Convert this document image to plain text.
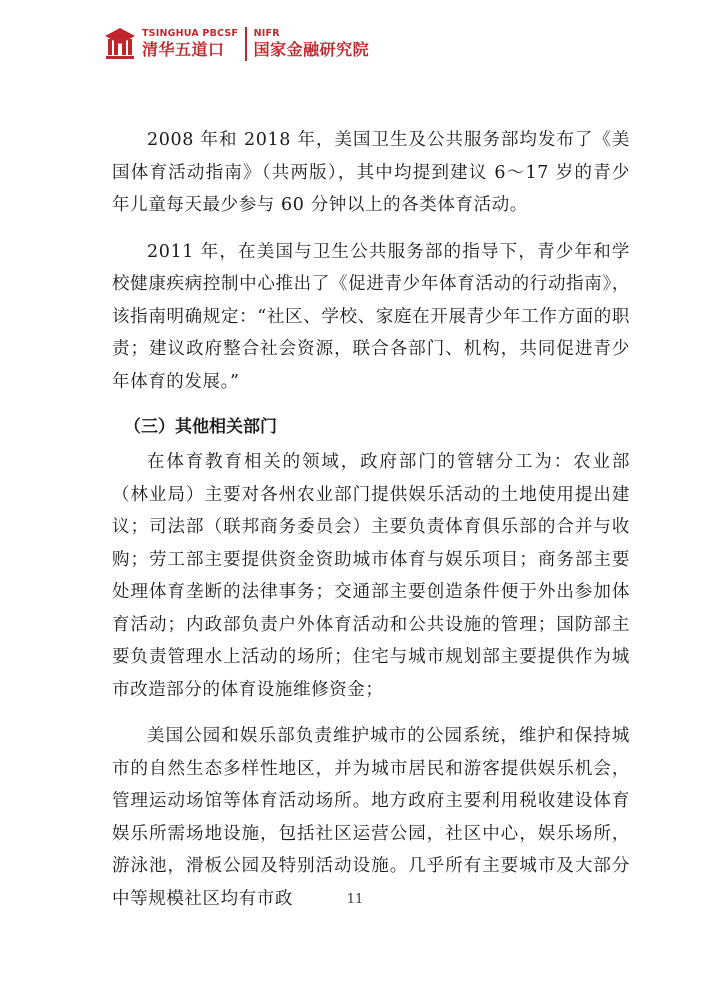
TSINGHUA PBCSF
清华五道口
NIFR
国家金融研究院

2008 年和 2018 年，美国卫生及公共服务部均发布了《美国体育活动指南》（共两版），其中均提到建议 6～17 岁的青少年儿童每天最少参与 60 分钟以上的各类体育活动。

2011 年，在美国与卫生公共服务部的指导下，青少年和学校健康疾病控制中心推出了《促进青少年体育活动的行动指南》，该指南明确规定：“社区、学校、家庭在开展青少年工作方面的职责；建议政府整合社会资源，联合各部门、机构，共同促进青少年体育的发展。”

（三）其他相关部门

在体育教育相关的领域，政府部门的管辖分工为：农业部（林业局）主要对各州农业部门提供娱乐活动的土地使用提出建议；司法部（联邦商务委员会）主要负责体育俱乐部的合并与收购；劳工部主要提供资金资助城市体育与娱乐项目；商务部主要处理体育垄断的法律事务；交通部主要创造条件便于外出参加体育活动；内政部负责户外体育活动和公共设施的管理；国防部主要负责管理水上活动的场所；住宅与城市规划部主要提供作为城市改造部分的体育设施维修资金；

美国公园和娱乐部负责维护城市的公园系统，维护和保持城市的自然生态多样性地区，并为城市居民和游客提供娱乐机会，管理运动场馆等体育活动场所。地方政府主要利用税收建设体育娱乐所需场地设施，包括社区运营公园，社区中心，娱乐场所，游泳池，滑板公园及特别活动设施。几乎所有主要城市及大部分中等规模社区均有市政	11
